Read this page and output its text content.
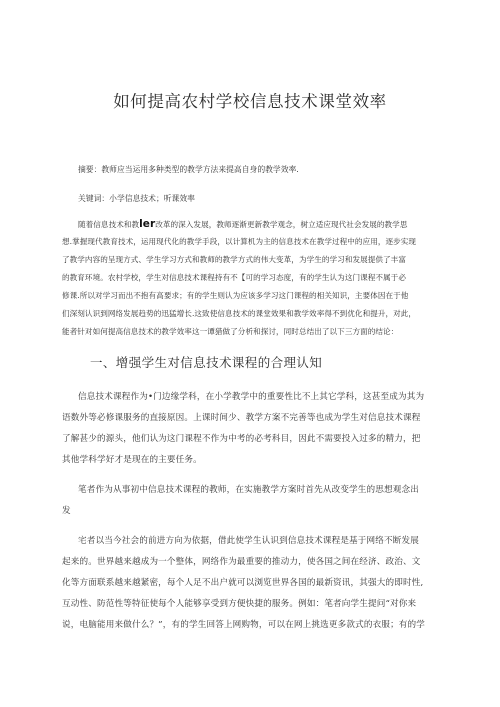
如何提高农村学校信息技术课堂效率
摘要：教师应当运用多种类型的教学方法来提高自身的教学效率.
关键词：小学信息技术；听课效率
随着信息技术和教ler改革的深入发展，教师逐渐更新教学观念，树立适应现代社会发展的教学思
想.掌握现代教育技术，运用现代化的教学手段，以计算机为主的信息技术在教学过程中的应用，逐步实现
了教学内容的呈现方式、学生学习方式和教师的教学方式的伟大变革，为学生的学习和发展提供了丰富
的教育环境。农村学校，学生对信息技术课程持有不【可的学习态度，有的学生认为这门课程不属于必
修课.所以对学习而出不抱有高要求；有的学生则认为应该多学习这门课程的相关知识，主要体因在于他
们深刻认识到网络发展趋势的迅猛增长.这致使信息技术的课堂效果和教学效率得不到优化和提升，对此，
能者针对如何提高信息技术的教学效率这一谭猎做了分析和探讨，同时总结出了以下三方面的结论：
一、增强学生对信息技术课程的合理认知
信息技术课程作为•门边缘学科，在小学教学中的重要性比不上其它学科，这甚至成为其为
语数外等必修课服务的直接原因。上课时间少、教学方案不完善等也成为学生对信息技术课程
了解甚少的源头，他们认为这门课程不作为中考的必考科目，因此不需要投入过多的精力，把
其他学科学好才是现在的主要任务。
笔者作为从事初中信息技术课程的教师，在实施教学方案时首先从改变学生的思想观念出
发
宅者以当今社会的前进方向为依据，借此使学生认识到信息技术课程是基于网络不断发展
起来的。世界越来越成为一个整体，网络作为最重要的推动力，使各国之间在经济、政治、文
化等方面联系越来越紧密，每个人足不出户就可以浏览世界各国的最新资讯，其强大的即时性,
互动性、防范性等特征使每个人能够享受到方便快捷的服务。例如：笔者向学生提问“对你来
说，电脑能用来做什么？”，有的学生回答上网购物，可以在网上挑选更多款式的衣服；有的学
